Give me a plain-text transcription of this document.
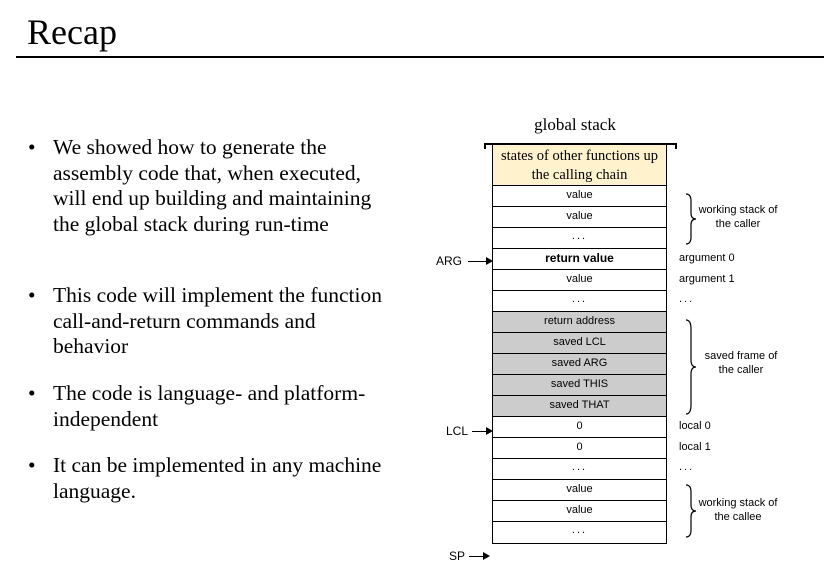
Recap
• We showed how to generate the assembly code that, when executed, will end up building and maintaining the global stack during run-time
• This code will implement the function call-and-return commands and behavior
• The code is language- and platform-independent
• It can be implemented in any machine language.
global stack
states of other functions up the calling chain
value
value
...
return value
value
...
return address
saved LCL
saved ARG
saved THIS
saved THAT
0
0
...
value
value
...
ARG
LCL
SP
argument 0
argument 1
...
local 0
local 1
...
working stack of the caller
saved frame of the caller
working stack of the callee
